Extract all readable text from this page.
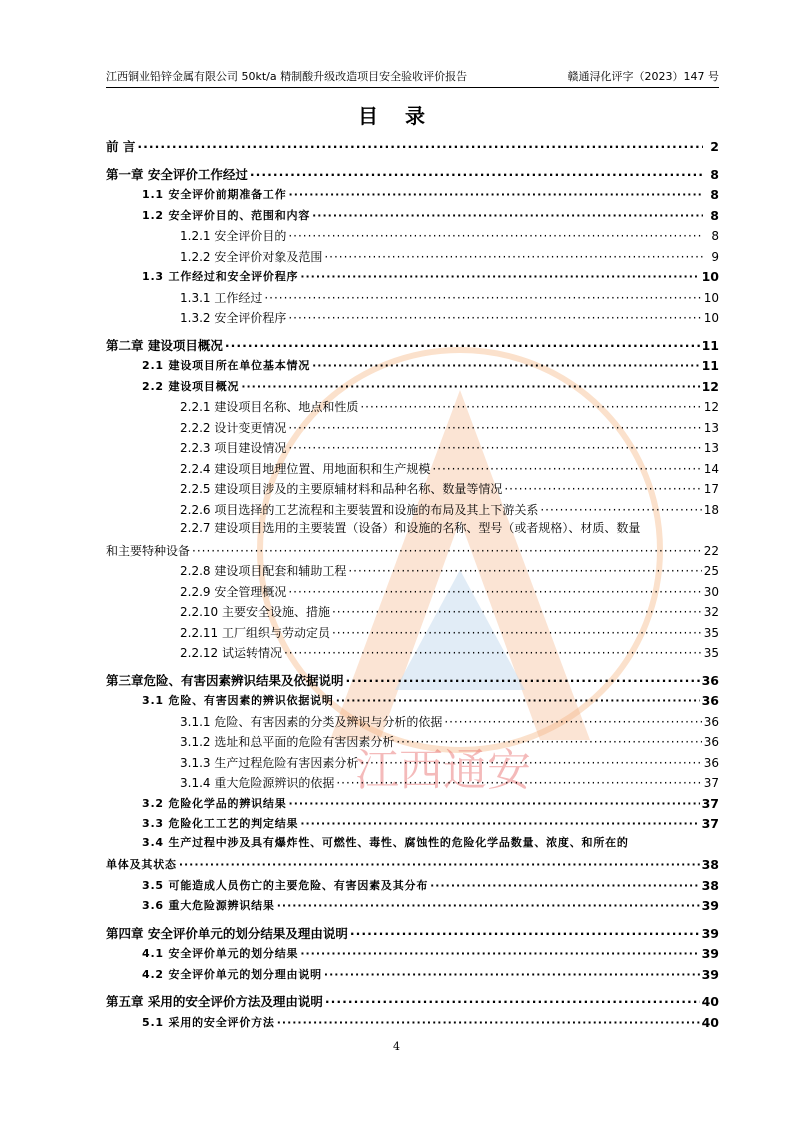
江西通安
江西铜业铅锌金属有限公司 50kt/a 精制酸升级改造项目安全验收评价报告	赣通浔化评字（2023）147 号
目 录
前 言 ·····	2
第一章 安全评价工作经过 ·····	8
1.1 安全评价前期准备工作 ·····	8
1.2 安全评价目的、范围和内容 ·····	8
1.2.1 安全评价目的 ·····	8
1.2.2 安全评价对象及范围 ·····	9
1.3 工作经过和安全评价程序 ·····	10
1.3.1 工作经过 ·····	10
1.3.2 安全评价程序 ·····	10
第二章 建设项目概况 ·····	11
2.1 建设项目所在单位基本情况 ·····	11
2.2 建设项目概况 ·····	12
2.2.1 建设项目名称、地点和性质 ·····	12
2.2.2 设计变更情况 ·····	13
2.2.3 项目建设情况 ·····	13
2.2.4 建设项目地理位置、用地面积和生产规模 ·····	14
2.2.5 建设项目涉及的主要原辅材料和品种名称、数量等情况 ·····	17
2.2.6 项目选择的工艺流程和主要装置和设施的布局及其上下游关系 ·····	18
2.2.7 建设项目选用的主要装置（设备）和设施的名称、型号（或者规格）、材质、数量
和主要特种设备 ·····	22
2.2.8 建设项目配套和辅助工程 ·····	25
2.2.9 安全管理概况 ·····	30
2.2.10 主要安全设施、措施 ·····	32
2.2.11 工厂组织与劳动定员 ·····	35
2.2.12 试运转情况 ·····	35
第三章危险、有害因素辨识结果及依据说明 ·····	36
3.1 危险、有害因素的辨识依据说明 ·····	36
3.1.1 危险、有害因素的分类及辨识与分析的依据 ·····	36
3.1.2 选址和总平面的危险有害因素分析 ·····	36
3.1.3 生产过程危险有害因素分析 ·····	36
3.1.4 重大危险源辨识的依据 ·····	37
3.2 危险化学品的辨识结果 ·····	37
3.3 危险化工工艺的判定结果 ·····	37
3.4 生产过程中涉及具有爆炸性、可燃性、毒性、腐蚀性的危险化学品数量、浓度、和所在的
单体及其状态 ·····	38
3.5 可能造成人员伤亡的主要危险、有害因素及其分布 ·····	38
3.6 重大危险源辨识结果 ·····	39
第四章 安全评价单元的划分结果及理由说明 ·····	39
4.1 安全评价单元的划分结果 ·····	39
4.2 安全评价单元的划分理由说明 ·····	39
第五章 采用的安全评价方法及理由说明 ·····	40
5.1 采用的安全评价方法 ·····	40
4
